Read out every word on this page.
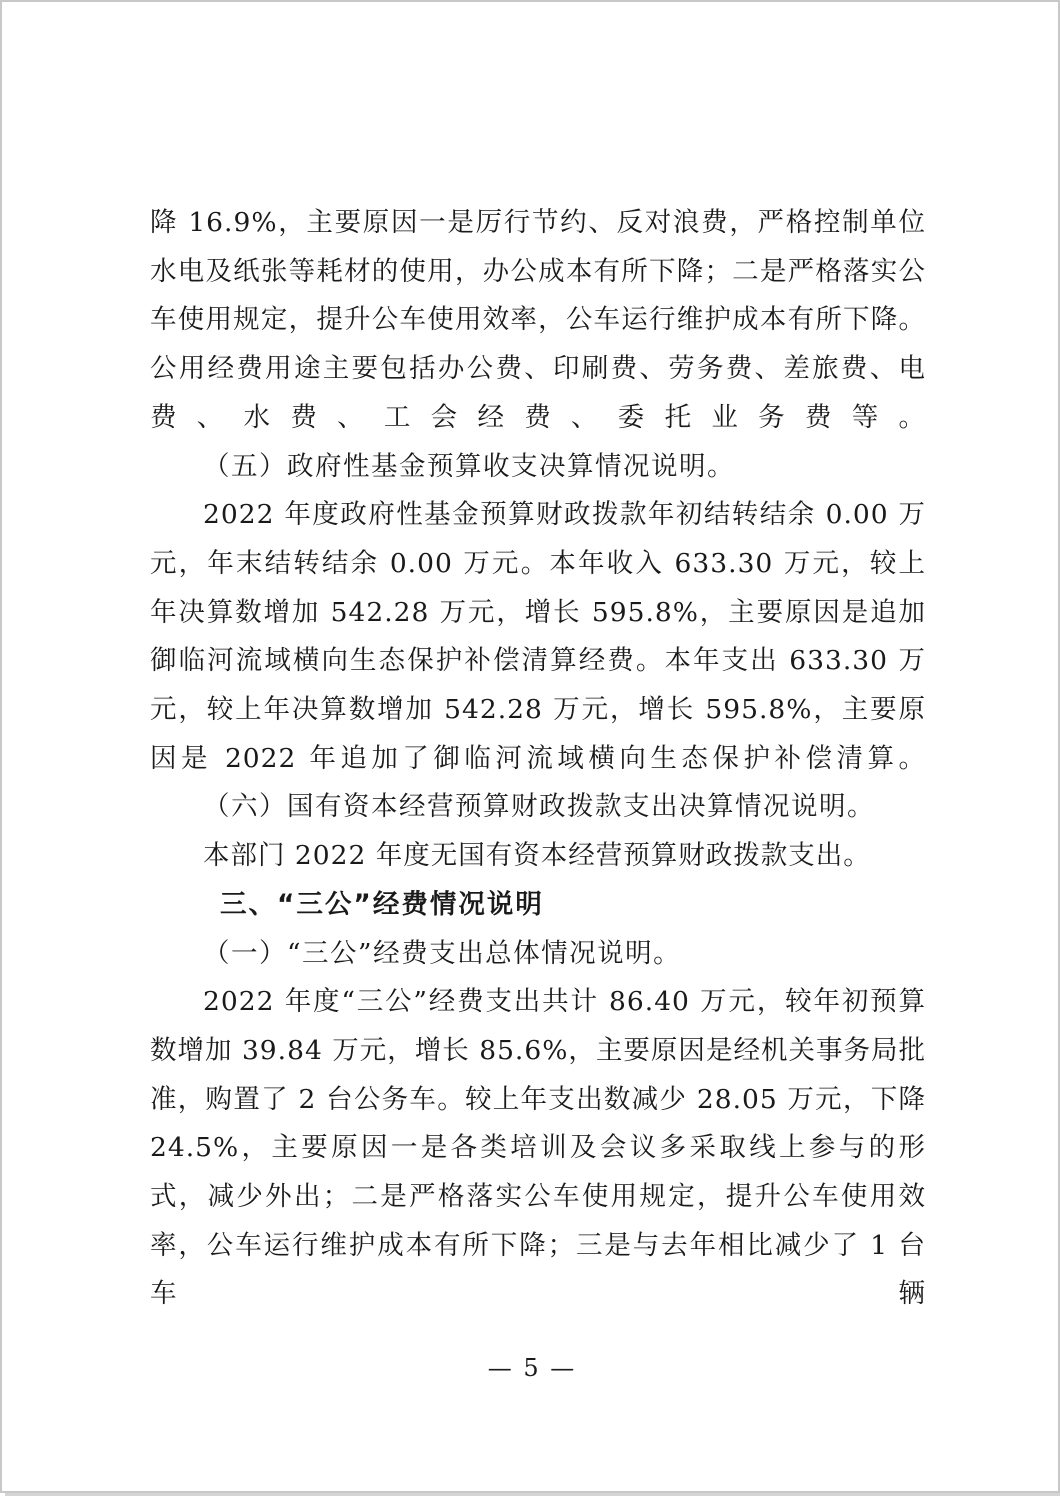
降 16.9%，主要原因一是厉行节约、反对浪费，严格控制单位水电及纸张等耗材的使用，办公成本有所下降；二是严格落实公车使用规定，提升公车使用效率，公车运行维护成本有所下降。公用经费用途主要包括办公费、印刷费、劳务费、差旅费、电费、水费、工会经费、委托业务费等。

（五）政府性基金预算收支决算情况说明。

2022 年度政府性基金预算财政拨款年初结转结余 0.00 万元，年末结转结余 0.00 万元。本年收入 633.30 万元，较上年决算数增加 542.28 万元，增长 595.8%，主要原因是追加御临河流域横向生态保护补偿清算经费。本年支出 633.30 万元，较上年决算数增加 542.28 万元，增长 595.8%，主要原因是 2022 年追加了御临河流域横向生态保护补偿清算。

（六）国有资本经营预算财政拨款支出决算情况说明。

本部门 2022 年度无国有资本经营预算财政拨款支出。

三、“三公”经费情况说明

（一）“三公”经费支出总体情况说明。

2022 年度“三公”经费支出共计 86.40 万元，较年初预算数增加 39.84 万元，增长 85.6%，主要原因是经机关事务局批准，购置了 2 台公务车。较上年支出数减少 28.05 万元，下降 24.5%，主要原因一是各类培训及会议多采取线上参与的形式，减少外出；二是严格落实公车使用规定，提升公车使用效率，公车运行维护成本有所下降；三是与去年相比减少了 1 台车辆

— 5 —
